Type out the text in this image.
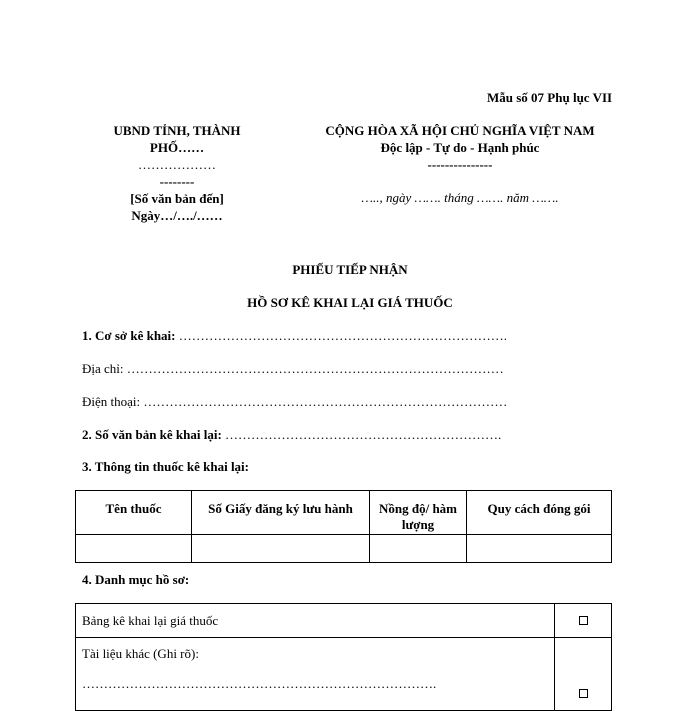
Mẫu số 07 Phụ lục VII
UBND TỈNH, THÀNH
PHỐ……
………………
--------
[Số văn bản đến]
Ngày…/…./……
CỘNG HÒA XÃ HỘI CHỦ NGHĨA VIỆT NAM
Độc lập - Tự do - Hạnh phúc
---------------
….., ngày ……. tháng ……. năm …….
PHIẾU TIẾP NHẬN
HỒ SƠ KÊ KHAI LẠI GIÁ THUỐC
1. Cơ sở kê khai: ………………………………………………………………….
Địa chỉ: ……………………………………………………………………………
Điện thoại: …………………………………………………………………………
2. Số văn bản kê khai lại: ……………………………………………………….
3. Thông tin thuốc kê khai lại:
Tên thuốc	Số Giấy đăng ký lưu hành	Nồng độ/ hàm lượng	Quy cách đóng gói

4. Danh mục hồ sơ:
Bảng kê khai lại giá thuốc	

Tài liệu khác (Ghi rõ):
……………………………………………………………………….	
